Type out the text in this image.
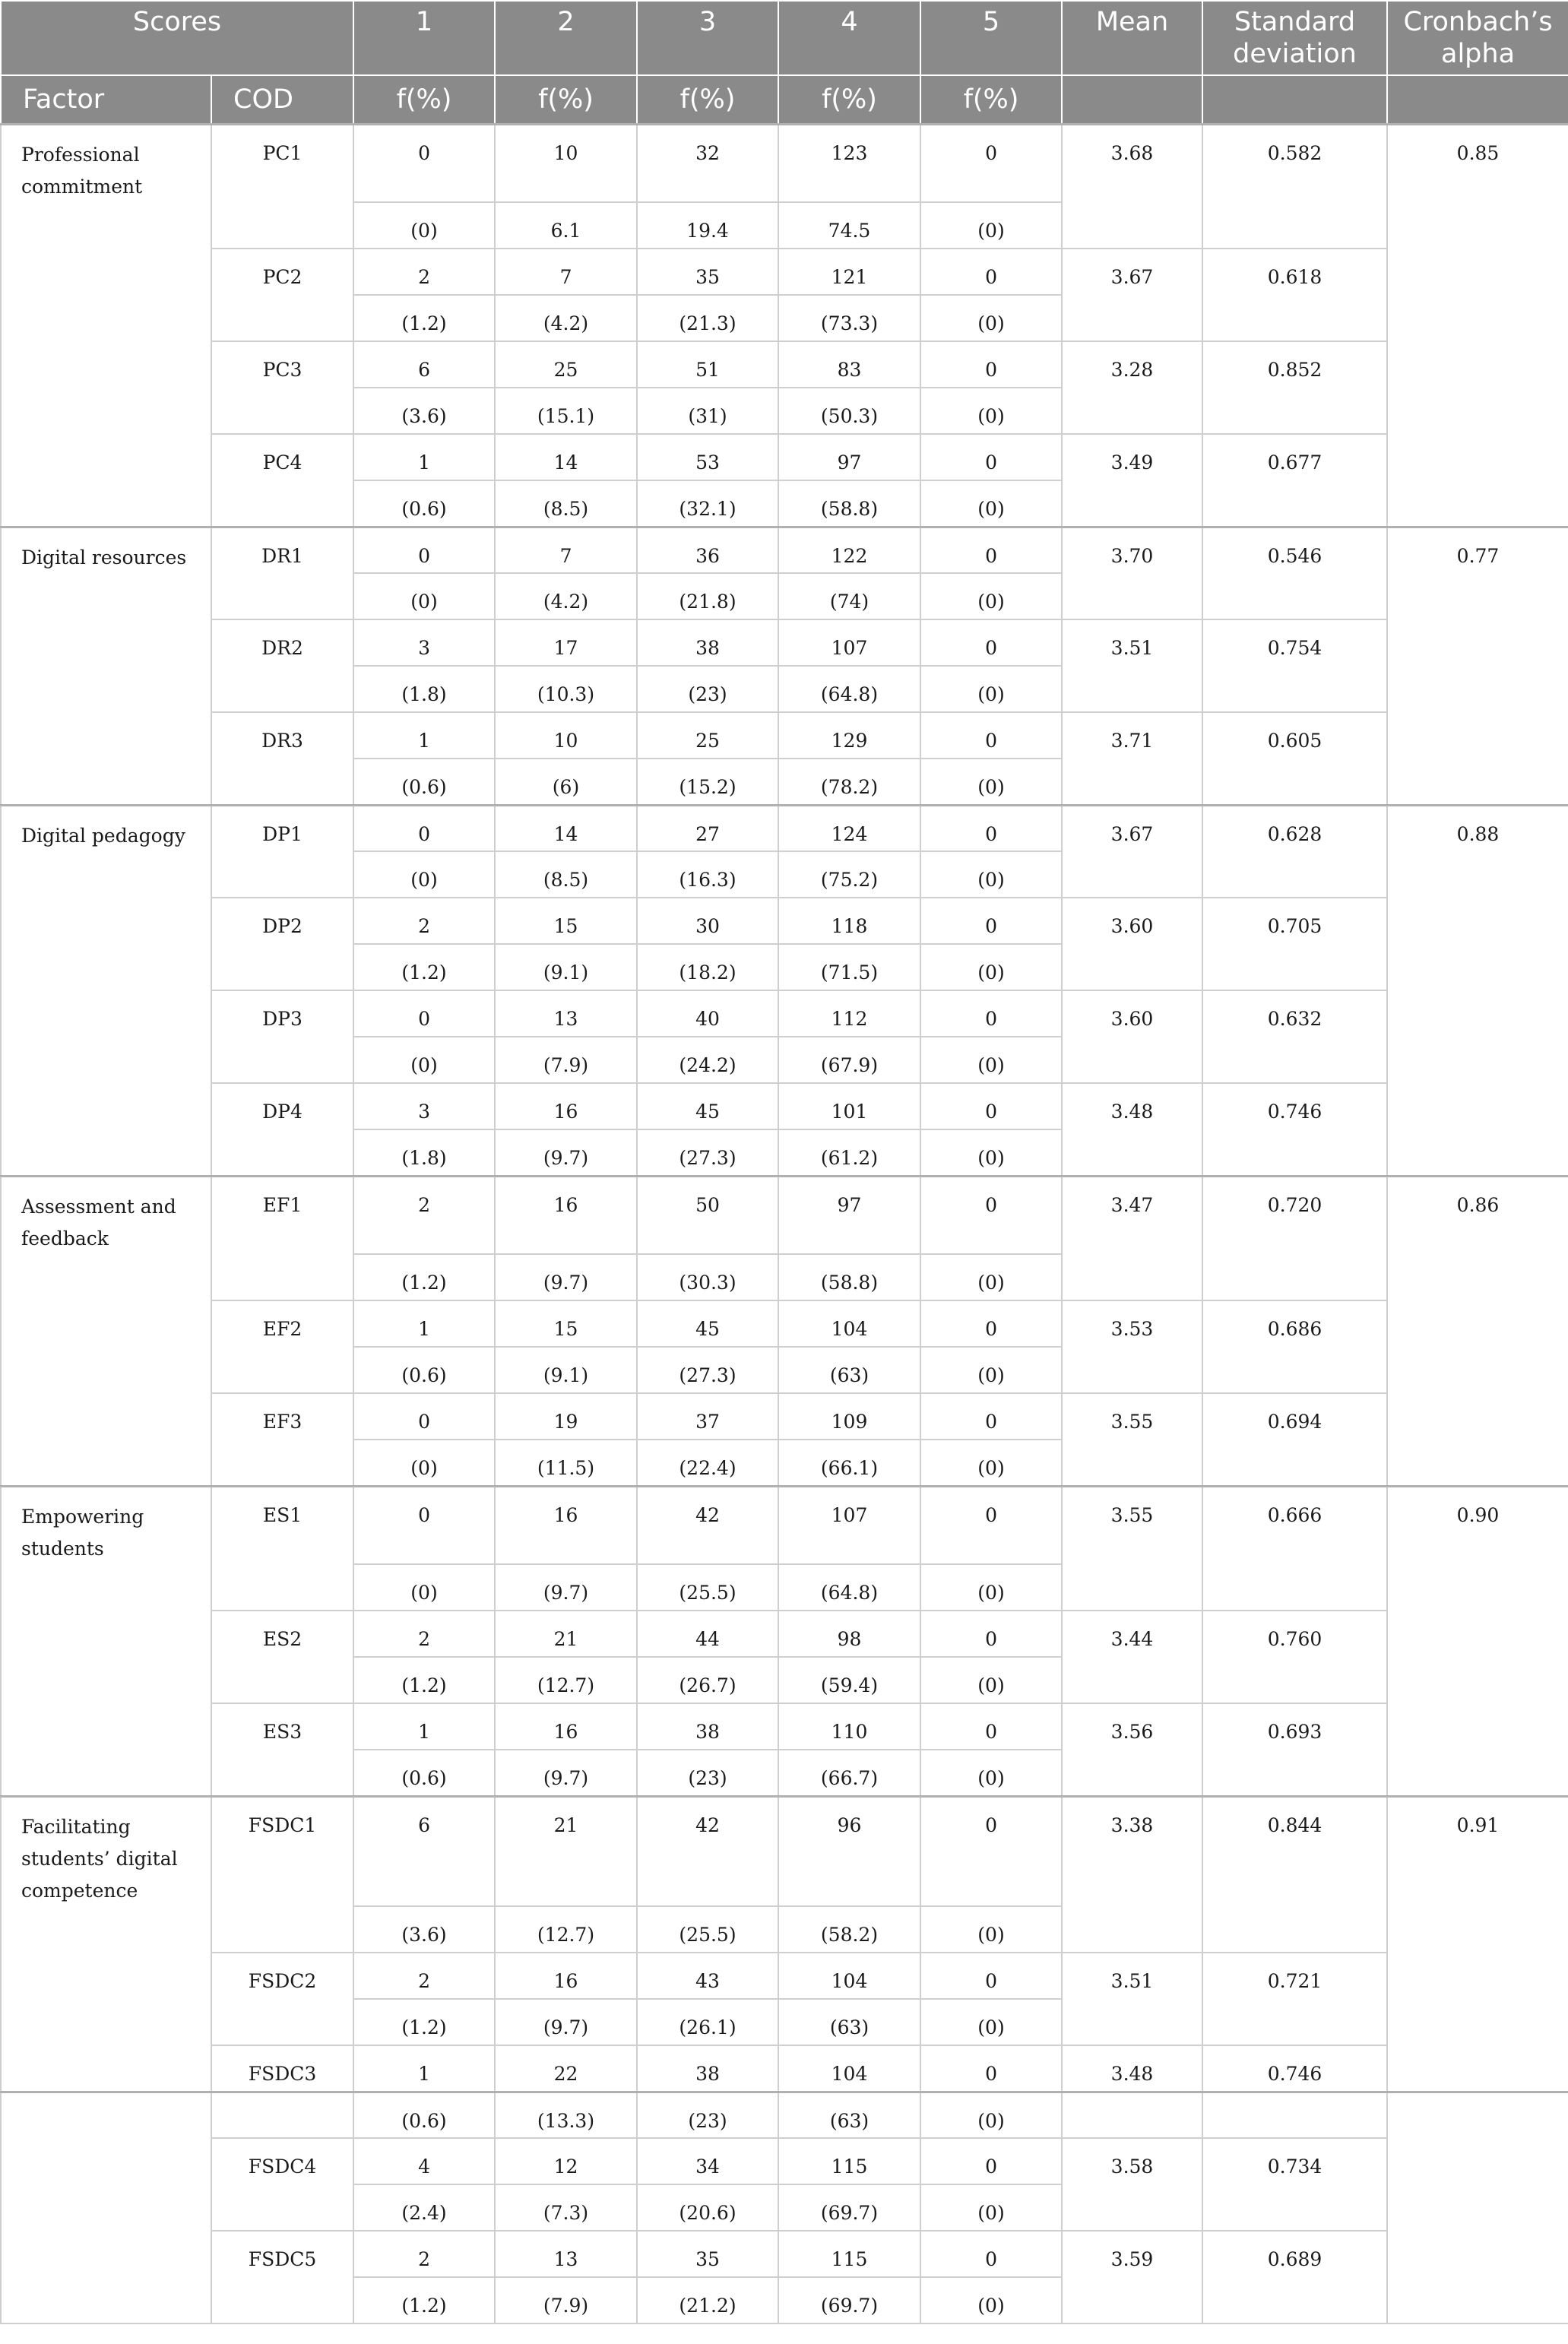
Scores		1	2	3	4	5	Mean	Standard deviation	Cronbach’s alpha
Factor	COD	f(%)	f(%)	f(%)	f(%)	f(%)			
Professional commitment	PC1	0	10	32	123	0	3.68	0.582	0.85
		(0)	6.1	19.4	74.5	(0)			
	PC2	2	7	35	121	0	3.67	0.618	
		(1.2)	(4.2)	(21.3)	(73.3)	(0)			
	PC3	6	25	51	83	0	3.28	0.852	
		(3.6)	(15.1)	(31)	(50.3)	(0)			
	PC4	1	14	53	97	0	3.49	0.677	
		(0.6)	(8.5)	(32.1)	(58.8)	(0)			
Digital resources	DR1	0	7	36	122	0	3.70	0.546	0.77
		(0)	(4.2)	(21.8)	(74)	(0)			
	DR2	3	17	38	107	0	3.51	0.754	
		(1.8)	(10.3)	(23)	(64.8)	(0)			
	DR3	1	10	25	129	0	3.71	0.605	
		(0.6)	(6)	(15.2)	(78.2)	(0)			
Digital pedagogy	DP1	0	14	27	124	0	3.67	0.628	0.88
		(0)	(8.5)	(16.3)	(75.2)	(0)			
	DP2	2	15	30	118	0	3.60	0.705	
		(1.2)	(9.1)	(18.2)	(71.5)	(0)			
	DP3	0	13	40	112	0	3.60	0.632	
		(0)	(7.9)	(24.2)	(67.9)	(0)			
	DP4	3	16	45	101	0	3.48	0.746	
		(1.8)	(9.7)	(27.3)	(61.2)	(0)			
Assessment and feedback	EF1	2	16	50	97	0	3.47	0.720	0.86
		(1.2)	(9.7)	(30.3)	(58.8)	(0)			
	EF2	1	15	45	104	0	3.53	0.686	
		(0.6)	(9.1)	(27.3)	(63)	(0)			
	EF3	0	19	37	109	0	3.55	0.694	
		(0)	(11.5)	(22.4)	(66.1)	(0)			
Empowering students	ES1	0	16	42	107	0	3.55	0.666	0.90
		(0)	(9.7)	(25.5)	(64.8)	(0)			
	ES2	2	21	44	98	0	3.44	0.760	
		(1.2)	(12.7)	(26.7)	(59.4)	(0)			
	ES3	1	16	38	110	0	3.56	0.693	
		(0.6)	(9.7)	(23)	(66.7)	(0)			
Facilitating students’ digital competence	FSDC1	6	21	42	96	0	3.38	0.844	0.91
		(3.6)	(12.7)	(25.5)	(58.2)	(0)			
	FSDC2	2	16	43	104	0	3.51	0.721	
		(1.2)	(9.7)	(26.1)	(63)	(0)			
	FSDC3	1	22	38	104	0	3.48	0.746	
		(0.6)	(13.3)	(23)	(63)	(0)			
	FSDC4	4	12	34	115	0	3.58	0.734	
		(2.4)	(7.3)	(20.6)	(69.7)	(0)			
	FSDC5	2	13	35	115	0	3.59	0.689	
		(1.2)	(7.9)	(21.2)	(69.7)	(0)			
